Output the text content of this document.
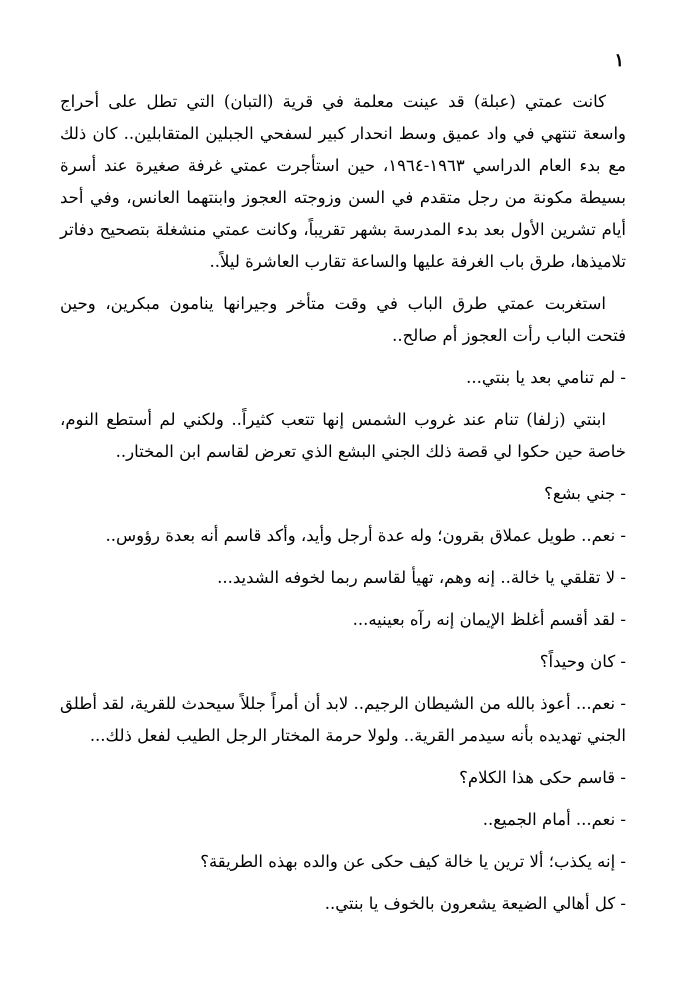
١

كانت عمتي (عبلة) قد عينت معلمة في قرية (التبان) التي تطل على أحراج واسعة تنتهي في واد عميق وسط انحدار كبير لسفحي الجبلين المتقابلين.. كان ذلك مع بدء العام الدراسي ١٩٦٣-١٩٦٤، حين استأجرت عمتي غرفة صغيرة عند أسرة بسيطة مكونة من رجل متقدم في السن وزوجته العجوز وابنتهما العانس، وفي أحد أيام تشرين الأول بعد بدء المدرسة بشهر تقريباً، وكانت عمتي منشغلة بتصحيح دفاتر تلاميذها، طرق باب الغرفة عليها والساعة تقارب العاشرة ليلاً..

استغربت عمتي طرق الباب في وقت متأخر وجيرانها ينامون مبكرين، وحين فتحت الباب رأت العجوز أم صالح..

- لم تنامي بعد يا بنتي...

ابنتي (زلفا) تنام عند غروب الشمس إنها تتعب كثيراً.. ولكني لم أستطع النوم، خاصة حين حكوا لي قصة ذلك الجني البشع الذي تعرض لقاسم ابن المختار..

- جني بشع؟

- نعم.. طويل عملاق بقرون؛ وله عدة أرجل وأيد، وأكد قاسم أنه بعدة رؤوس..

- لا تقلقي يا خالة.. إنه وهم، تهيأ لقاسم ربما لخوفه الشديد...

- لقد أقسم أغلظ الإيمان إنه رآه بعينيه...

- كان وحيداً؟

- نعم... أعوذ بالله من الشيطان الرجيم.. لابد أن أمراً جللاً سيحدث للقرية، لقد أطلق الجني تهديده بأنه سيدمر القرية.. ولولا حرمة المختار الرجل الطيب لفعل ذلك...

- قاسم حكى هذا الكلام؟

- نعم... أمام الجميع..

- إنه يكذب؛ ألا ترين يا خالة كيف حكى عن والده بهذه الطريقة؟

- كل أهالي الضيعة يشعرون بالخوف يا بنتي..
